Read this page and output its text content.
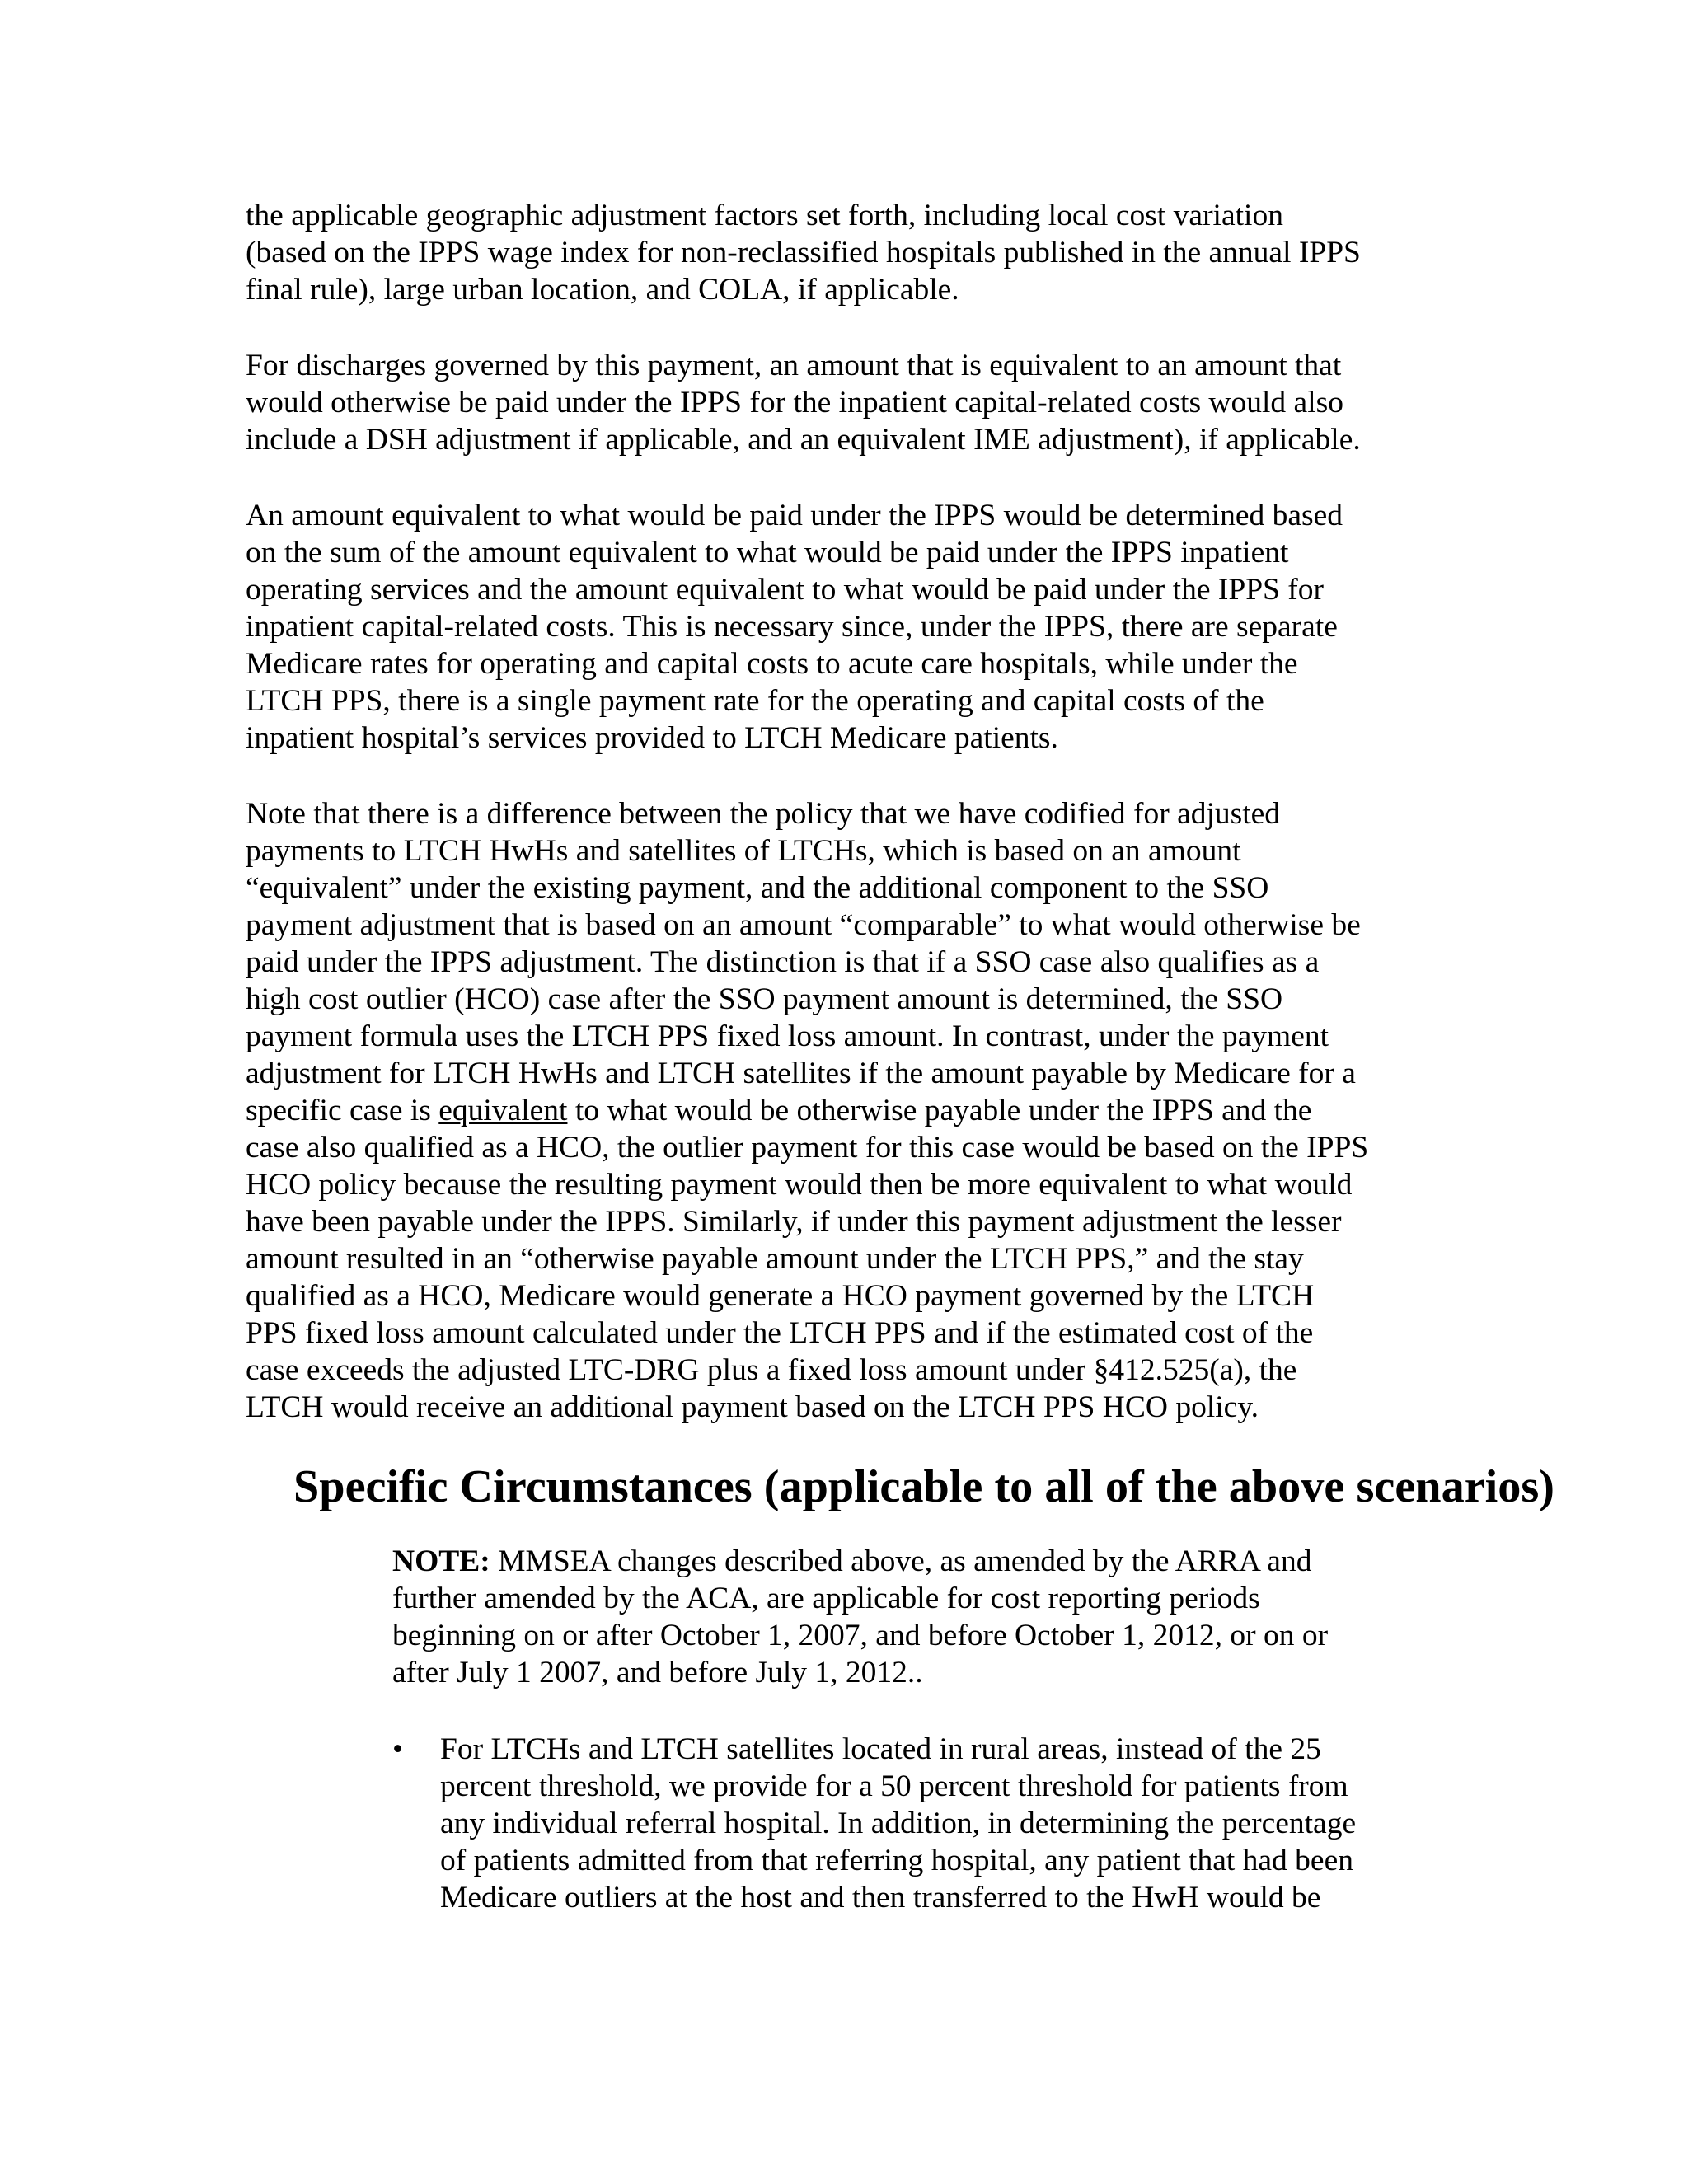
the applicable geographic adjustment factors set forth, including local cost variation
(based on the IPPS wage index for non-reclassified hospitals published in the annual IPPS
final rule), large urban location, and COLA, if applicable.
For discharges governed by this payment, an amount that is equivalent to an amount that
would otherwise be paid under the IPPS for the inpatient capital-related costs would also
include a DSH adjustment if applicable, and an equivalent IME adjustment), if applicable.
An amount equivalent to what would be paid under the IPPS would be determined based
on the sum of the amount equivalent to what would be paid under the IPPS inpatient
operating services and the amount equivalent to what would be paid under the IPPS for
inpatient capital-related costs. This is necessary since, under the IPPS, there are separate
Medicare rates for operating and capital costs to acute care hospitals, while under the
LTCH PPS, there is a single payment rate for the operating and capital costs of the
inpatient hospital’s services provided to LTCH Medicare patients.
Note that there is a difference between the policy that we have codified for adjusted
payments to LTCH HwHs and satellites of LTCHs, which is based on an amount
“equivalent” under the existing payment, and the additional component to the SSO
payment adjustment that is based on an amount “comparable” to what would otherwise be
paid under the IPPS adjustment. The distinction is that if a SSO case also qualifies as a
high cost outlier (HCO) case after the SSO payment amount is determined, the SSO
payment formula uses the LTCH PPS fixed loss amount. In contrast, under the payment
adjustment for LTCH HwHs and LTCH satellites if the amount payable by Medicare for a
specific case is equivalent to what would be otherwise payable under the IPPS and the
case also qualified as a HCO, the outlier payment for this case would be based on the IPPS
HCO policy because the resulting payment would then be more equivalent to what would
have been payable under the IPPS. Similarly, if under this payment adjustment the lesser
amount resulted in an “otherwise payable amount under the LTCH PPS,” and the stay
qualified as a HCO, Medicare would generate a HCO payment governed by the LTCH
PPS fixed loss amount calculated under the LTCH PPS and if the estimated cost of the
case exceeds the adjusted LTC-DRG plus a fixed loss amount under §412.525(a), the
LTCH would receive an additional payment based on the LTCH PPS HCO policy.
Specific Circumstances (applicable to all of the above scenarios)
NOTE: MMSEA changes described above, as amended by the ARRA and
further amended by the ACA, are applicable for cost reporting periods
beginning on or after October 1, 2007, and before October 1, 2012, or on or
after July 1 2007, and before July 1, 2012..
• For LTCHs and LTCH satellites located in rural areas, instead of the 25
percent threshold, we provide for a 50 percent threshold for patients from
any individual referral hospital. In addition, in determining the percentage
of patients admitted from that referring hospital, any patient that had been
Medicare outliers at the host and then transferred to the HwH would be
